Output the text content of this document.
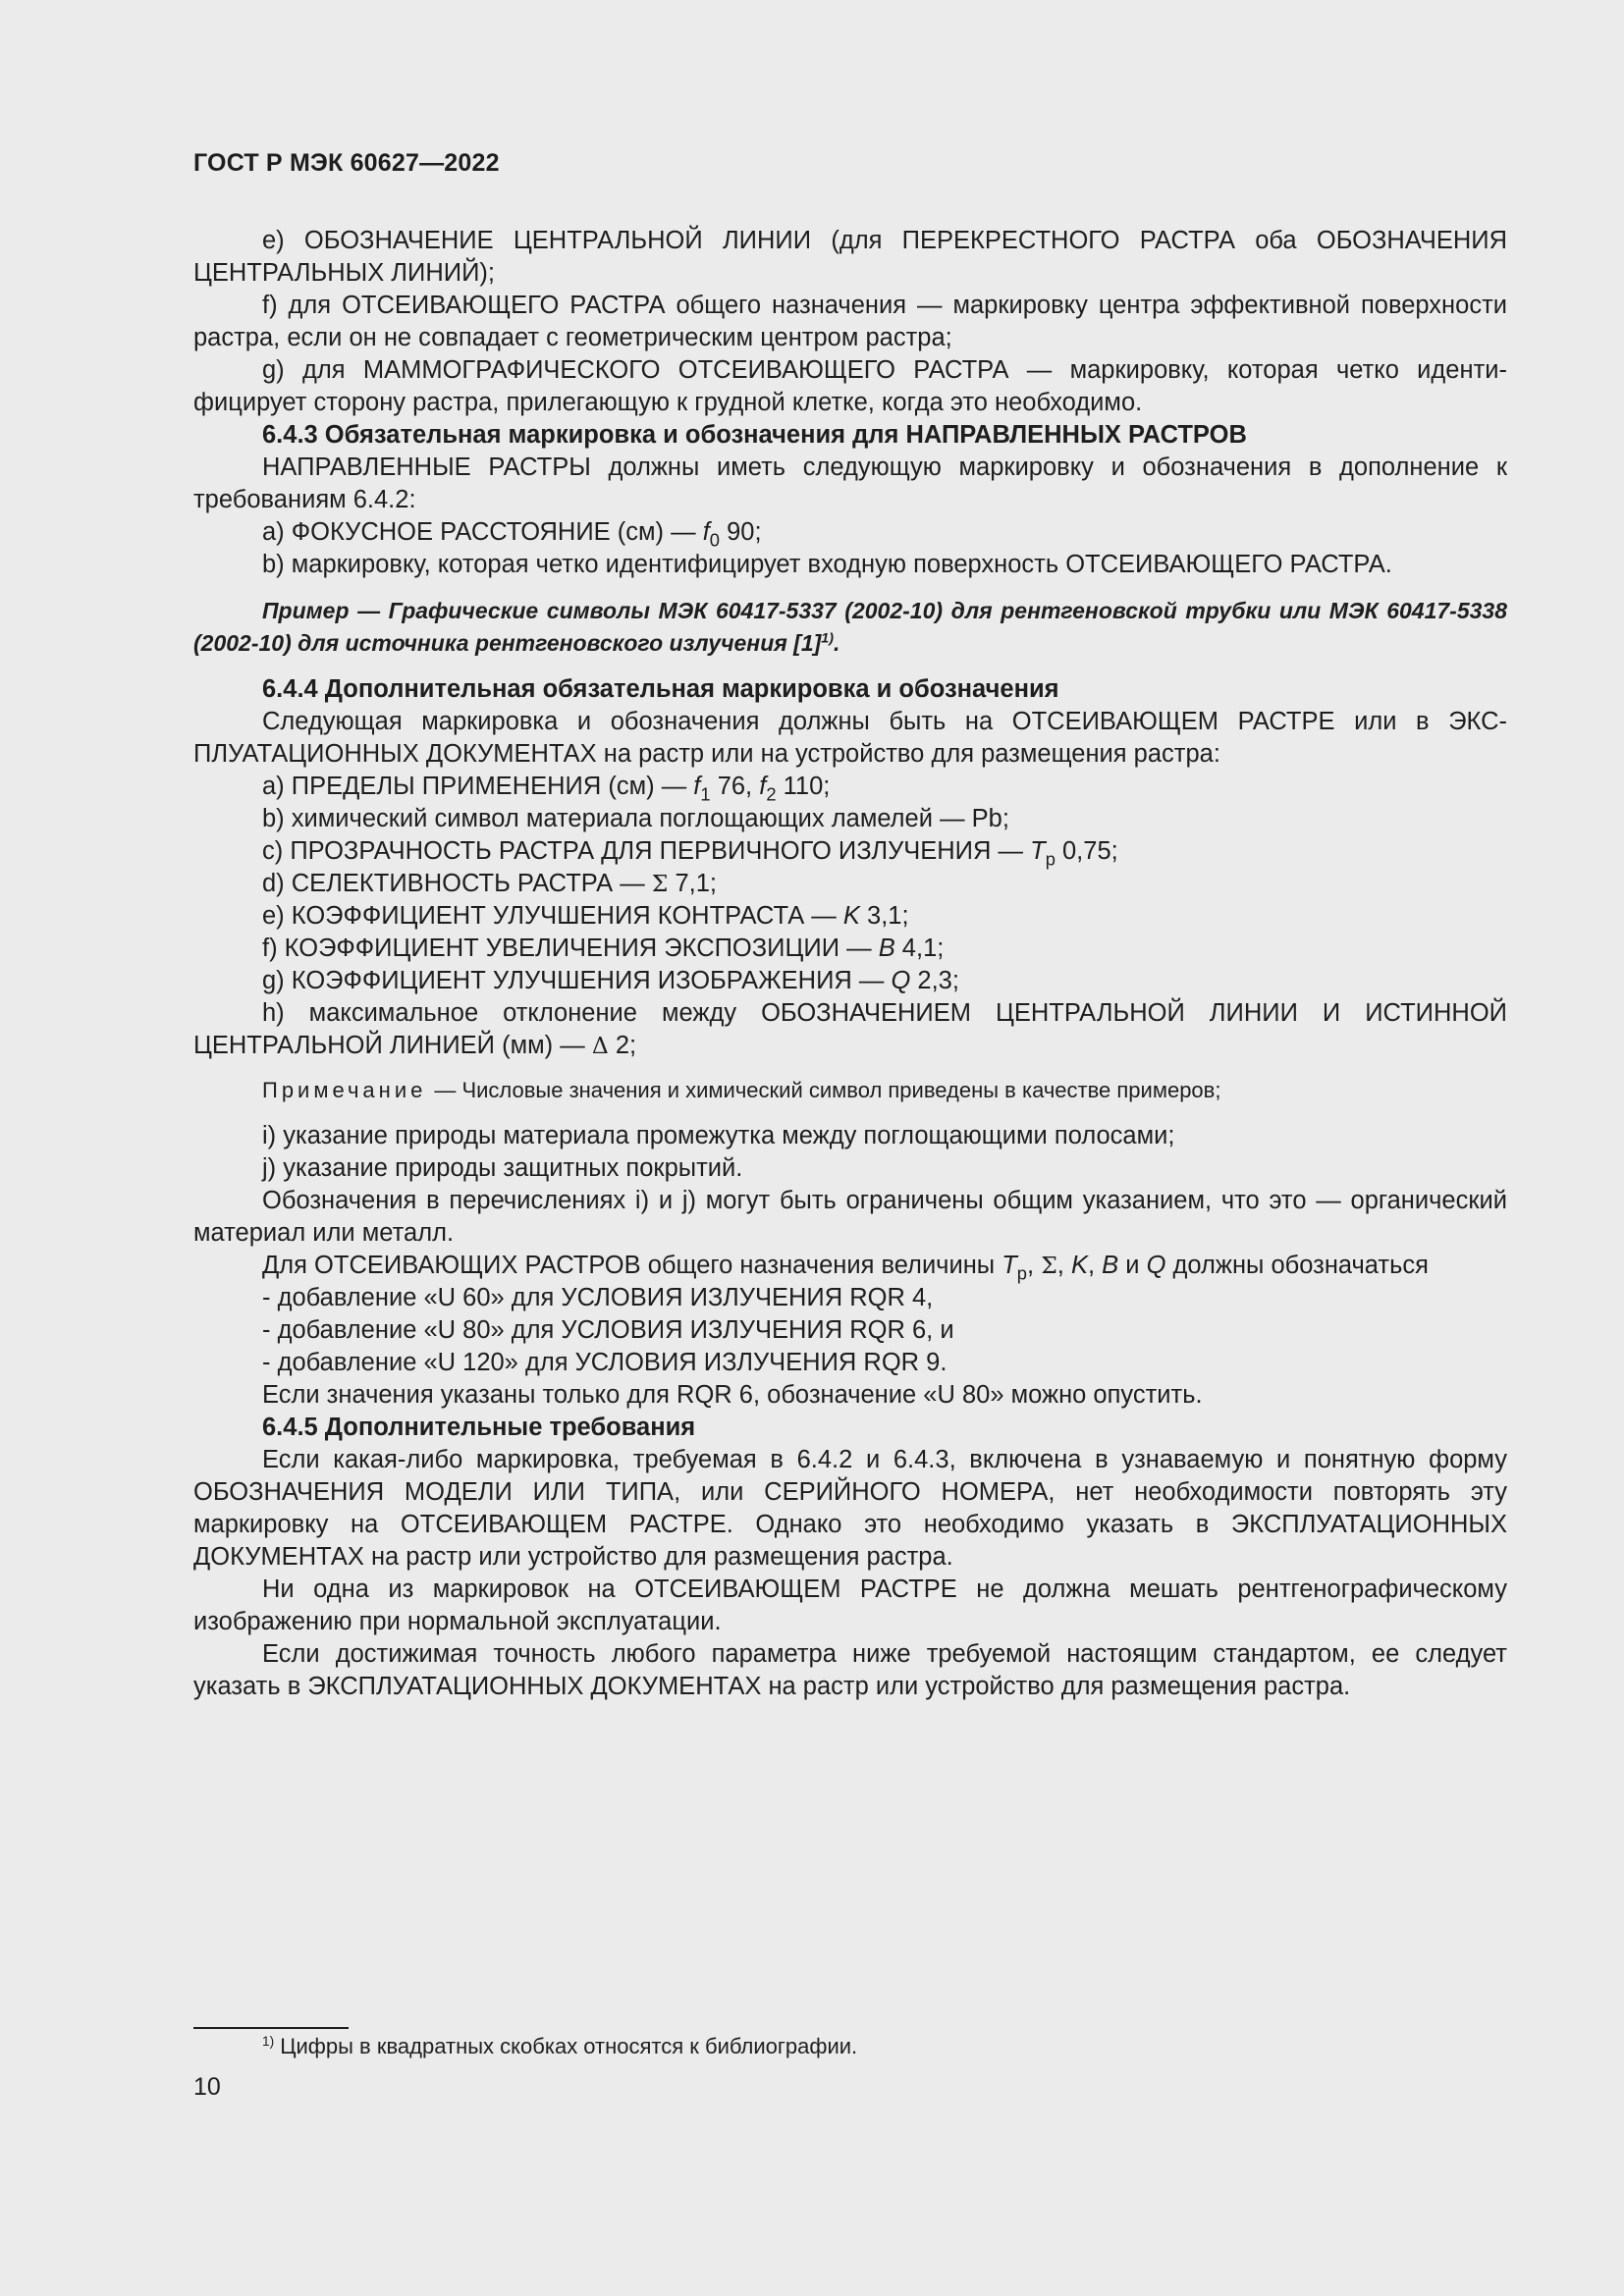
ГОСТ Р МЭК 60627—2022

e) ОБОЗНАЧЕНИЕ ЦЕНТРАЛЬНОЙ ЛИНИИ (для ПЕРЕКРЕСТНОГО РАСТРА оба ОБОЗНАЧЕНИЯ ЦЕНТРАЛЬНЫХ ЛИНИЙ);

f) для ОТСЕИВАЮЩЕГО РАСТРА общего назначения — маркировку центра эффективной поверхности растра, если он не совпадает с геометрическим центром растра;

g) для МАММОГРАФИЧЕСКОГО ОТСЕИВАЮЩЕГО РАСТРА — маркировку, которая четко идентифицирует сторону растра, прилегающую к грудной клетке, когда это необходимо.

6.4.3 Обязательная маркировка и обозначения для НАПРАВЛЕННЫХ РАСТРОВ

НАПРАВЛЕННЫЕ РАСТРЫ должны иметь следующую маркировку и обозначения в дополнение к требованиям 6.4.2:

a) ФОКУСНОЕ РАССТОЯНИЕ (см) — $f_0$ 90;

b) маркировку, которая четко идентифицирует входную поверхность ОТСЕИВАЮЩЕГО РАСТРА.

Пример — Графические символы МЭК 60417-5337 (2002-10) для рентгеновской трубки или МЭК 60417-5338 (2002-10) для источника рентгеновского излучения $[1]^{1)}$.

6.4.4 Дополнительная обязательная маркировка и обозначения

Следующая маркировка и обозначения должны быть на ОТСЕИВАЮЩЕМ РАСТРЕ или в ЭКСПЛУАТАЦИОННЫХ ДОКУМЕНТАХ на растр или на устройство для размещения растра:

a) ПРЕДЕЛЫ ПРИМЕНЕНИЯ (см) — $f_1$ 76, $f_2$ 110;

b) химический символ материала поглощающих ламелей — Pb;

c) ПРОЗРАЧНОСТЬ РАСТРА ДЛЯ ПЕРВИЧНОГО ИЗЛУЧЕНИЯ — $T_p$ 0,75;

d) СЕЛЕКТИВНОСТЬ РАСТРА — Σ 7,1;

e) КОЭФФИЦИЕНТ УЛУЧШЕНИЯ КОНТРАСТА — K 3,1;

f) КОЭФФИЦИЕНТ УВЕЛИЧЕНИЯ ЭКСПОЗИЦИИ — B 4,1;

g) КОЭФФИЦИЕНТ УЛУЧШЕНИЯ ИЗОБРАЖЕНИЯ — Q 2,3;

h) максимальное отклонение между ОБОЗНАЧЕНИЕМ ЦЕНТРАЛЬНОЙ ЛИНИИ И ИСТИННОЙ ЦЕНТРАЛЬНОЙ ЛИНИЕЙ (мм) — Δ 2;

Примечание — Числовые значения и химический символ приведены в качестве примеров;

i) указание природы материала промежутка между поглощающими полосами;

j) указание природы защитных покрытий.

Обозначения в перечислениях i) и j) могут быть ограничены общим указанием, что это — органический материал или металл.

Для ОТСЕИВАЮЩИХ РАСТРОВ общего назначения величины $T_p$, Σ, K, B и Q должны обозначаться

- добавление «U 60» для УСЛОВИЯ ИЗЛУЧЕНИЯ RQR 4,

- добавление «U 80» для УСЛОВИЯ ИЗЛУЧЕНИЯ RQR 6, и

- добавление «U 120» для УСЛОВИЯ ИЗЛУЧЕНИЯ RQR 9.

Если значения указаны только для RQR 6, обозначение «U 80» можно опустить.

6.4.5 Дополнительные требования

Если какая-либо маркировка, требуемая в 6.4.2 и 6.4.3, включена в узнаваемую и понятную форму ОБОЗНАЧЕНИЯ МОДЕЛИ ИЛИ ТИПА, или СЕРИЙНОГО НОМЕРА, нет необходимости повторять эту маркировку на ОТСЕИВАЮЩЕМ РАСТРЕ. Однако это необходимо указать в ЭКСПЛУАТАЦИОННЫХ ДОКУМЕНТАХ на растр или устройство для размещения растра.

Ни одна из маркировок на ОТСЕИВАЮЩЕМ РАСТРЕ не должна мешать рентгенографическому изображению при нормальной эксплуатации.

Если достижимая точность любого параметра ниже требуемой настоящим стандартом, ее следует указать в ЭКСПЛУАТАЦИОННЫХ ДОКУМЕНТАХ на растр или устройство для размещения растра.

$^{1)}$ Цифры в квадратных скобках относятся к библиографии.
10
